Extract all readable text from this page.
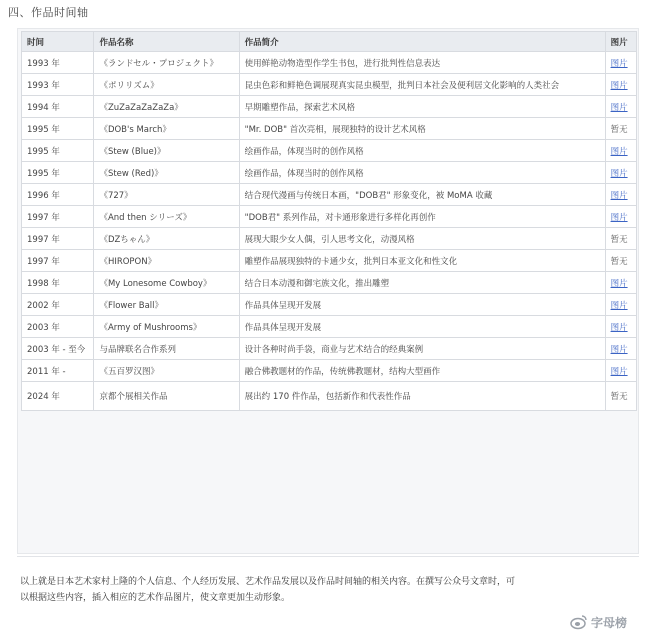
四、作品时间轴
时间	作品名称	作品简介	图片
1993 年	《ランドセル・プロジェクト》	使用鲜艳动物造型作学生书包，进行批判性信息表达	图片
1993 年	《ポリリズム》	昆虫色彩和鲜艳色调展现真实昆虫模型，批判日本社会及便利居文化影响的人类社会	图片
1994 年	《ZuZaZaZaZaZa》	早期雕塑作品，探索艺术风格	图片
1995 年	《DOB's March》	"Mr. DOB" 首次亮相，展现独特的设计艺术风格	暂无
1995 年	《Stew (Blue)》	绘画作品，体现当时的创作风格	图片
1995 年	《Stew (Red)》	绘画作品，体现当时的创作风格	图片
1996 年	《727》	结合现代漫画与传统日本画，"DOB君" 形象变化，被 MoMA 收藏	图片
1997 年	《And then シリーズ》	"DOB君" 系列作品，对卡通形象进行多样化再创作	图片
1997 年	《DZちゃん》	展现大眼少女人偶，引人思考文化，动漫风格	暂无
1997 年	《HIROPON》	雕塑作品展现独特的卡通少女，批判日本亚文化和性文化	暂无
1998 年	《My Lonesome Cowboy》	结合日本动漫和御宅族文化，推出雕塑	图片
2002 年	《Flower Ball》	作品具体呈现开发展	图片
2003 年	《Army of Mushrooms》	作品具体呈现开发展	图片
2003 年 - 至今	与品牌联名合作系列	设计各种时尚手袋，商业与艺术结合的经典案例	图片
2011 年 -	《五百罗汉图》	融合佛教题材的作品，传统佛教题材，结构大型画作	图片
2024 年	京都个展相关作品	展出约 170 件作品，包括新作和代表性作品	暂无

以上就是日本艺术家村上隆的个人信息、个人经历发展、艺术作品发展以及作品时间轴的相关内容。在撰写公众号文章时，可

以根据这些内容，插入相应的艺术作品图片，使文章更加生动形象。

字母榜
